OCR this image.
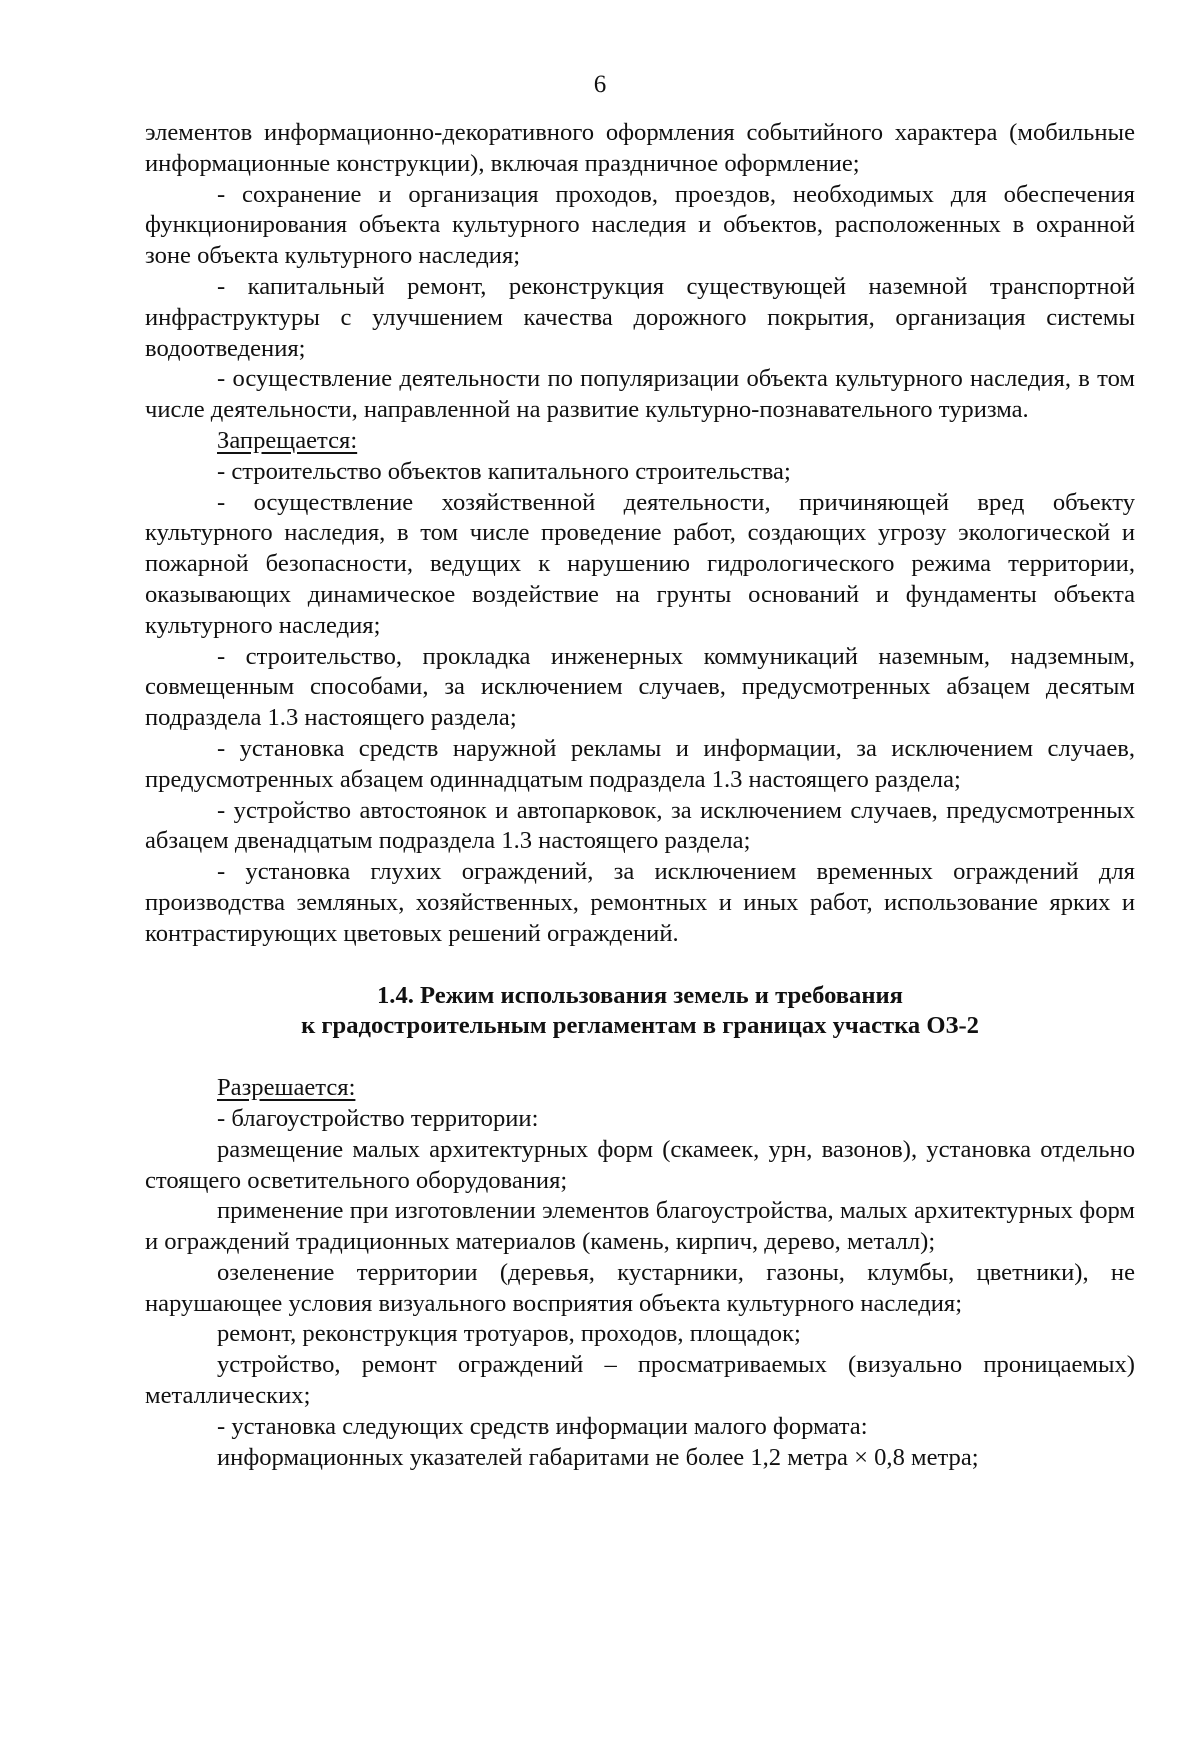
6

элементов информационно-декоративного оформления событийного характера (мобильные информационные конструкции), включая праздничное оформление;

- сохранение и организация проходов, проездов, необходимых для обеспечения функционирования объекта культурного наследия и объектов, расположенных в охранной зоне объекта культурного наследия;

- капитальный ремонт, реконструкция существующей наземной транспортной инфраструктуры с улучшением качества дорожного покрытия, организация системы водоотведения;

- осуществление деятельности по популяризации объекта культурного наследия, в том числе деятельности, направленной на развитие культурно-познавательного туризма.

Запрещается:

- строительство объектов капитального строительства;

- осуществление хозяйственной деятельности, причиняющей вред объекту культурного наследия, в том числе проведение работ, создающих угрозу экологической и пожарной безопасности, ведущих к нарушению гидрологического режима территории, оказывающих динамическое воздействие на грунты оснований и фундаменты объекта культурного наследия;

- строительство, прокладка инженерных коммуникаций наземным, надземным, совмещенным способами, за исключением случаев, предусмотренных абзацем десятым подраздела 1.3 настоящего раздела;

- установка средств наружной рекламы и информации, за исключением случаев, предусмотренных абзацем одиннадцатым подраздела 1.3 настоящего раздела;

- устройство автостоянок и автопарковок, за исключением случаев, предусмотренных абзацем двенадцатым подраздела 1.3 настоящего раздела;

- установка глухих ограждений, за исключением временных ограждений для производства земляных, хозяйственных, ремонтных и иных работ, использование ярких и контрастирующих цветовых решений ограждений.

1.4. Режим использования земель и требования
к градостроительным регламентам в границах участка ОЗ-2

Разрешается:

- благоустройство территории:

размещение малых архитектурных форм (скамеек, урн, вазонов), установка отдельно стоящего осветительного оборудования;

применение при изготовлении элементов благоустройства, малых архитектурных форм и ограждений традиционных материалов (камень, кирпич, дерево, металл);

озеленение территории (деревья, кустарники, газоны, клумбы, цветники), не нарушающее условия визуального восприятия объекта культурного наследия;

ремонт, реконструкция тротуаров, проходов, площадок;

устройство, ремонт ограждений – просматриваемых (визуально проницаемых) металлических;

- установка следующих средств информации малого формата:

информационных указателей габаритами не более 1,2 метра × 0,8 метра;
